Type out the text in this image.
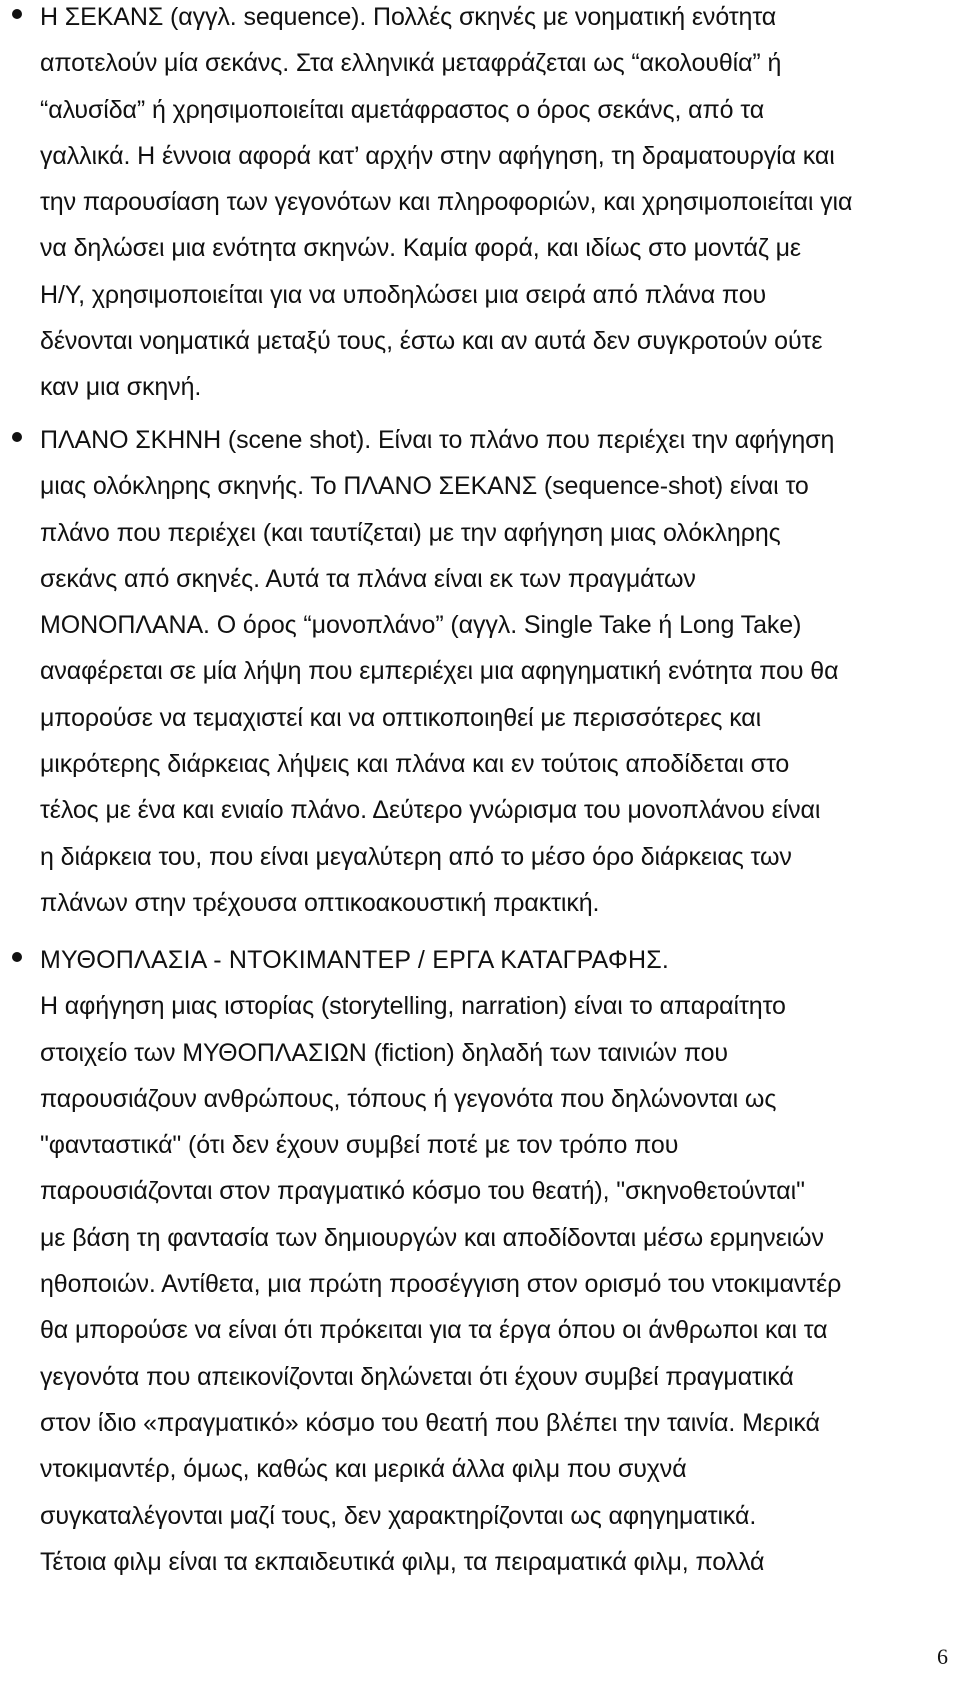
Η ΣΕΚΑΝΣ (αγγλ. sequence). Πολλές σκηνές με νοηματική ενότητα
αποτελούν μία σεκάνς. Στα ελληνικά μεταφράζεται ως “ακολουθία” ή
“αλυσίδα” ή χρησιμοποιείται αμετάφραστος ο όρος σεκάνς, από τα
γαλλικά. Η έννοια αφορά κατ’ αρχήν στην αφήγηση, τη δραματουργία και
την παρουσίαση των γεγονότων και πληροφοριών, και χρησιμοποιείται για
να δηλώσει μια ενότητα σκηνών. Καμία φορά, και ιδίως στο μοντάζ με
Η/Υ, χρησιμοποιείται για να υποδηλώσει μια σειρά από πλάνα που
δένονται νοηματικά μεταξύ τους, έστω και αν αυτά δεν συγκροτούν ούτε
καν μια σκηνή.
ΠΛΑΝΟ ΣΚΗΝΗ (scene shot). Είναι το πλάνο που περιέχει την αφήγηση
μιας ολόκληρης σκηνής. Το ΠΛΑΝΟ ΣΕΚΑΝΣ (sequence-shot) είναι το
πλάνο που περιέχει (και ταυτίζεται) με την αφήγηση μιας ολόκληρης
σεκάνς από σκηνές. Αυτά τα πλάνα είναι εκ των πραγμάτων
ΜΟΝΟΠΛΑΝΑ. Ο όρος “μονοπλάνο” (αγγλ. Single Take ή Long Take)
αναφέρεται σε μία λήψη που εμπεριέχει μια αφηγηματική ενότητα που θα
μπορούσε να τεμαχιστεί και να οπτικοποιηθεί με περισσότερες και
μικρότερης διάρκειας λήψεις και πλάνα και εν τούτοις αποδίδεται στο
τέλος με ένα και ενιαίο πλάνο. Δεύτερο γνώρισμα του μονοπλάνου είναι
η διάρκεια του, που είναι μεγαλύτερη από το μέσο όρο διάρκειας των
πλάνων στην τρέχουσα οπτικοακουστική πρακτική.
ΜΥΘΟΠΛΑΣΙΑ - ΝΤΟΚΙΜΑΝΤΕΡ / ΕΡΓΑ ΚΑΤΑΓΡΑΦΗΣ.
Η αφήγηση μιας ιστορίας (storytelling, narration) είναι το απαραίτητο
στοιχείο των ΜΥΘΟΠΛΑΣΙΩΝ (fiction) δηλαδή των ταινιών που
παρουσιάζουν ανθρώπους, τόπους ή γεγονότα που δηλώνονται ως
"φανταστικά" (ότι δεν έχουν συμβεί ποτέ με τον τρόπο που
παρουσιάζονται στον πραγματικό κόσμο του θεατή), "σκηνοθετούνται"
με βάση τη φαντασία των δημιουργών και αποδίδονται μέσω ερμηνειών
ηθοποιών. Αντίθετα, μια πρώτη προσέγγιση στον ορισμό του ντοκιμαντέρ
θα μπορούσε να είναι ότι πρόκειται για τα έργα όπου οι άνθρωποι και τα
γεγονότα που απεικονίζονται δηλώνεται ότι έχουν συμβεί πραγματικά
στον ίδιο «πραγματικό» κόσμο του θεατή που βλέπει την ταινία. Μερικά
ντοκιμαντέρ, όμως, καθώς και μερικά άλλα φιλμ που συχνά
συγκαταλέγονται μαζί τους, δεν χαρακτηρίζονται ως αφηγηματικά.
Τέτοια φιλμ είναι τα εκπαιδευτικά φιλμ, τα πειραματικά φιλμ, πολλά
6
